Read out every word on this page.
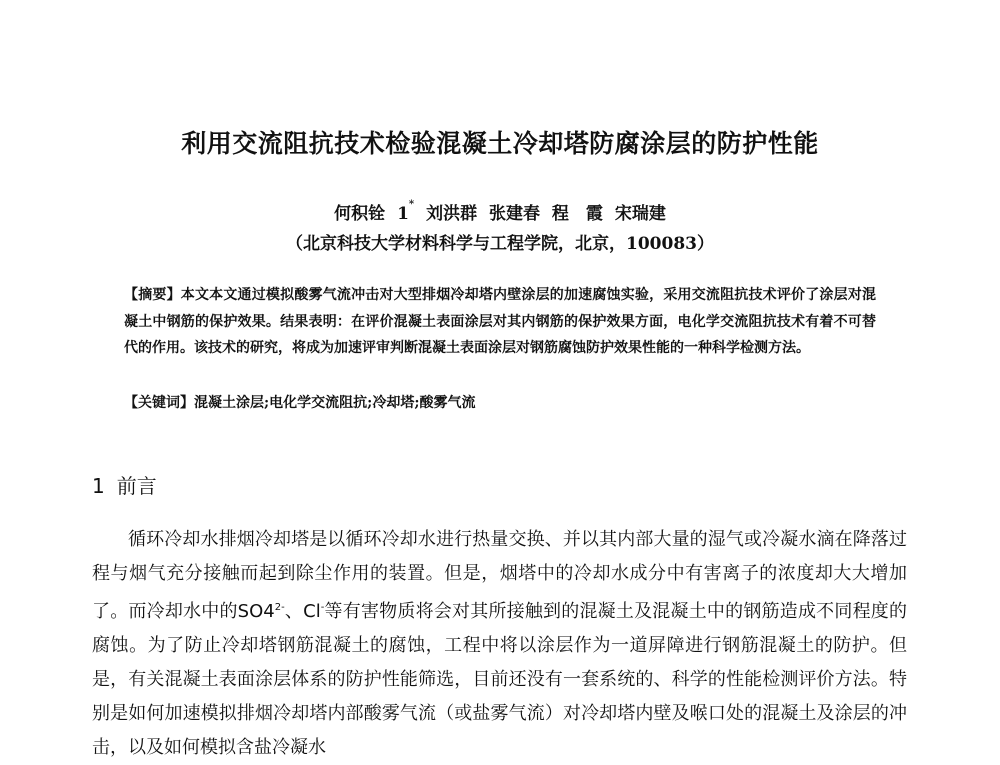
利用交流阻抗技术检验混凝土冷却塔防腐涂层的防护性能
何积铨 1* 刘洪群 张建春 程　霞 宋瑞建
（北京科技大学材料科学与工程学院，北京，100083）

【摘要】本文本文通过模拟酸雾气流冲击对大型排烟冷却塔内壁涂层的加速腐蚀实验，采用交流阻抗技术评价了涂层对混凝土中钢筋的保护效果。结果表明：在评价混凝土表面涂层对其内钢筋的保护效果方面，电化学交流阻抗技术有着不可替代的作用。该技术的研究，将成为加速评审判断混凝土表面涂层对钢筋腐蚀防护效果性能的一种科学检测方法。

【关键词】混凝土涂层;电化学交流阻抗;冷却塔;酸雾气流
1 前言

循环冷却水排烟冷却塔是以循环冷却水进行热量交换、并以其内部大量的湿气或冷凝水滴在降落过程与烟气充分接触而起到除尘作用的装置。但是，烟塔中的冷却水成分中有害离子的浓度却大大增加了。而冷却水中的$SO4^{2-}$、Cl-等有害物质将会对其所接触到的混凝土及混凝土中的钢筋造成不同程度的腐蚀。为了防止冷却塔钢筋混凝土的腐蚀，工程中将以涂层作为一道屏障进行钢筋混凝土的防护。但是，有关混凝土表面涂层体系的防护性能筛选，目前还没有一套系统的、科学的性能检测评价方法。特别是如何加速模拟排烟冷却塔内部酸雾气流（或盐雾气流）对冷却塔内壁及喉口处的混凝土及涂层的冲击，以及如何模拟含盐冷凝水
